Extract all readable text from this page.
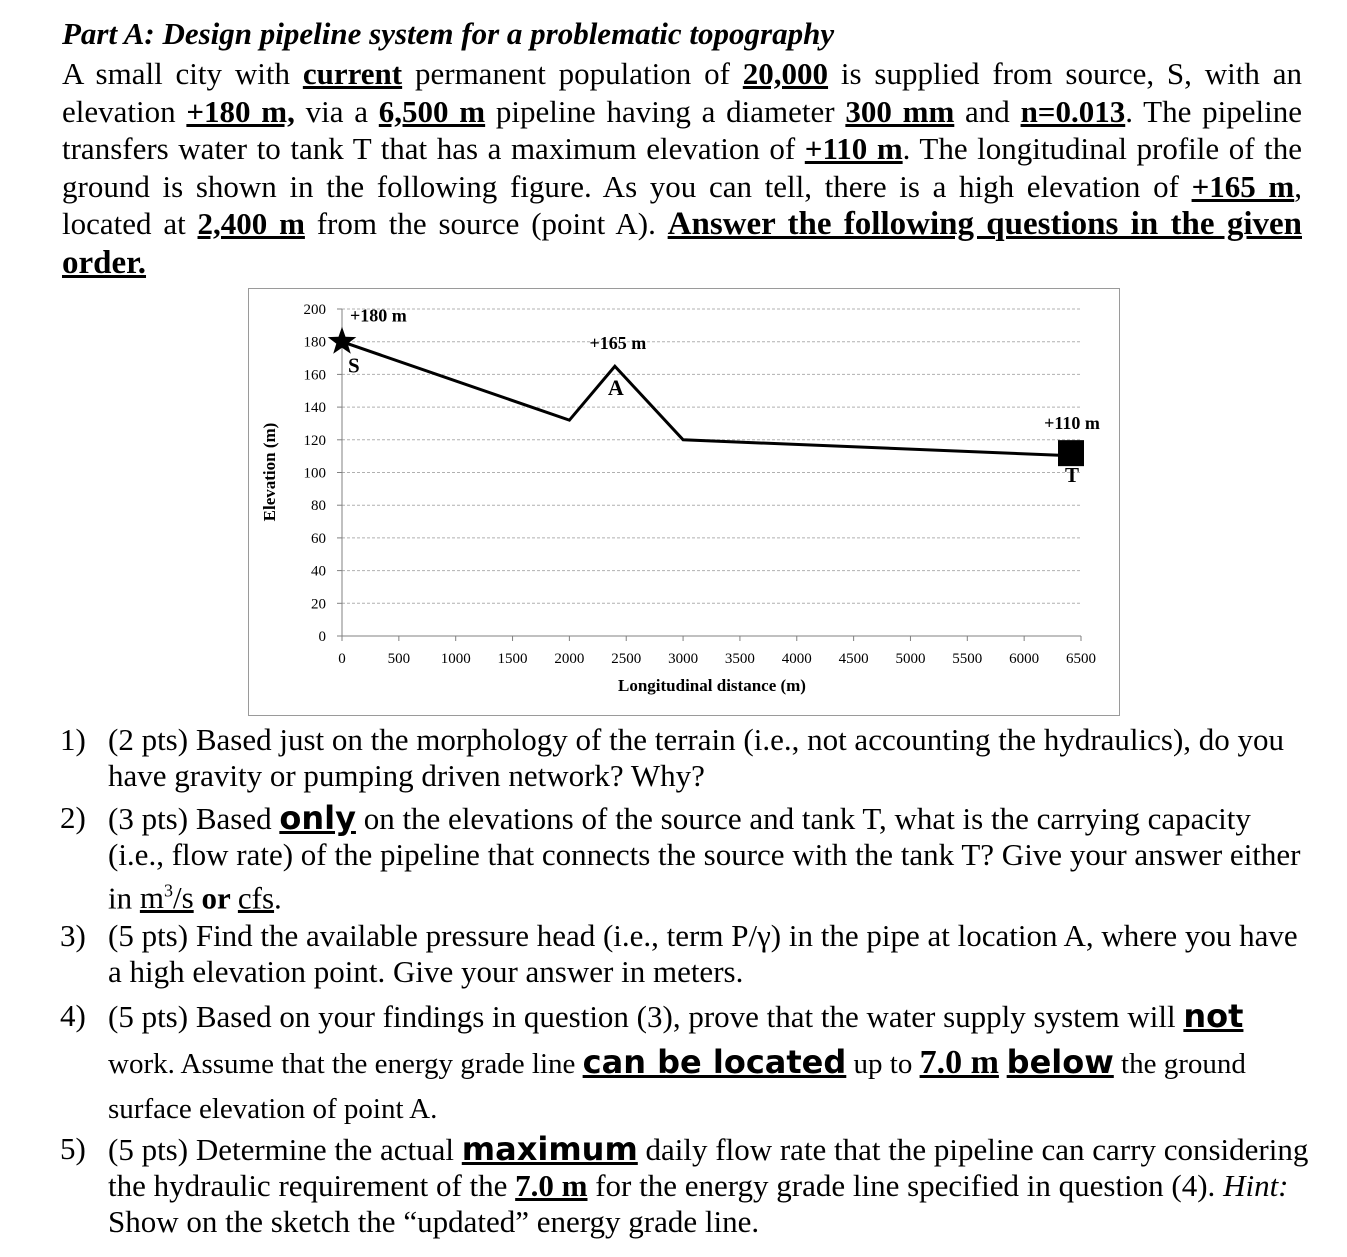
Part A: Design pipeline system for a problematic topography
A small city with current permanent population of 20,000 is supplied from source, S, with an elevation +180 m, via a 6,500 m pipeline having a diameter 300 mm and n=0.013. The pipeline transfers water to tank T that has a maximum elevation of +110 m. The longitudinal profile of the ground is shown in the following figure. As you can tell, there is a high elevation of +165 m, located at 2,400 m from the source (point A). Answer the following questions in the given order.
0
20
40
60
80
100
120
140
160
180
200
0	500 1000 1500 2000 2500 3000 3500 4000 4500 5000 5500 6000 6500
+180 m
S
+165 m
A
+110 m
T
Elevation (m)
Longitudinal distance (m)

1) (2 pts) Based just on the morphology of the terrain (i.e., not accounting the hydraulics), do you have gravity or pumping driven network? Why?

2) (3 pts) Based only on the elevations of the source and tank T, what is the carrying capacity (i.e., flow rate) of the pipeline that connects the source with the tank T? Give your answer either in $m^3/s$ or cfs.

3) (5 pts) Find the available pressure head (i.e., term P/γ) in the pipe at location A, where you have a high elevation point. Give your answer in meters.

4) (5 pts) Based on your findings in question (3), prove that the water supply system will not work. Assume that the energy grade line can be located up to 7.0 m below the ground surface elevation of point A.

5) (5 pts) Determine the actual maximum daily flow rate that the pipeline can carry considering the hydraulic requirement of the 7.0 m for the energy grade line specified in question (4). Hint: Show on the sketch the “updated” energy grade line.
